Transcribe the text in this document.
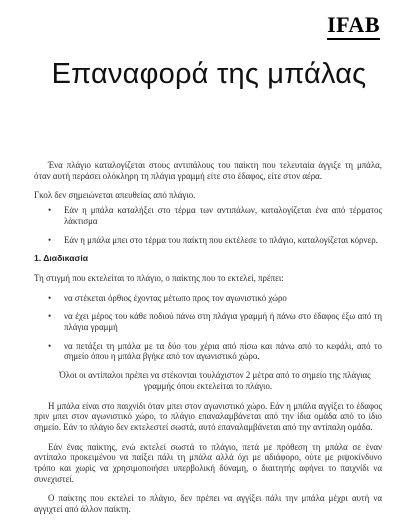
IFAB
Επαναφορά της μπάλας

Ένα πλάγιο καταλογίζεται στους αντιπάλους του παίκτη που τελευταία άγγιξε τη μπάλα, όταν αυτή περάσει ολόκληρη τη πλάγια γραμμή είτε στο έδαφος, είτε στον αέρα.

Γκολ δεν σημειώνεται απευθείας από πλάγιο.

• Εάν η μπάλα καταλήξει στο τέρμα των αντιπάλων, καταλογίζεται ένα από τέρματος λάκτισμα
• Εάν η μπάλα μπει στο τέρμα του παίκτη που εκτέλεσε το πλάγιο, καταλογίζεται κόρνερ.
1. Διαδικασία

Τη στιγμή που εκτελείται το πλάγιο, ο παίκτης που το εκτελεί, πρέπει:

• να στέκεται όρθιος έχοντας μέτωπο προς τον αγωνιστικό χώρο
• να έχει μέρος του κάθε ποδιού πάνω στη πλάγια γραμμή ή πάνω στο έδαφος έξω από τη πλάγια γραμμή
• να πετάξει τη μπάλα με τα δύο του χέρια από πίσω και πάνω από το κεφάλι, από το σημείο όπου η μπάλα βγήκε από τον αγωνιστικό χώρο.

Όλοι οι αντίπαλοι πρέπει να στέκονται τουλάχιστον 2 μέτρα από το σημείο της πλάγιας γραμμής όπου εκτελείται το πλάγιο.

Η μπάλα είναι στο παιχνίδι όταν μπει στον αγωνιστικό χώρο. Εάν η μπάλα αγγίξει το έδαφος πριν μπει στον αγωνιστικό χώρο, το πλάγιο επαναλαμβάνεται από την ίδια ομάδα από το ίδιο σημείο. Εάν το πλάγιο δεν εκτελεστεί σωστά, αυτό επαναλαμβάνεται από την αντίπαλη ομάδα.

Εάν ένας παίκτης, ενώ εκτελεί σωστά το πλάγιο, πετά με πρόθεση τη μπάλα σε έναν αντίπαλο προκειμένου να παίξει πάλι τη μπάλα αλλά όχι με αδιάφορο, ούτε με ριψοκίνδυνο τρόπο και χωρίς να χρησιμοποιήσει υπερβολική δύναμη, ο διαιτητής αφήνει το παιχνίδι να συνεχιστεί.

Ο παίκτης που εκτελεί το πλάγιο, δεν πρέπει να αγγίξει πάλι την μπάλα μέχρι αυτή να αγγιχτεί από άλλον παίκτη.
